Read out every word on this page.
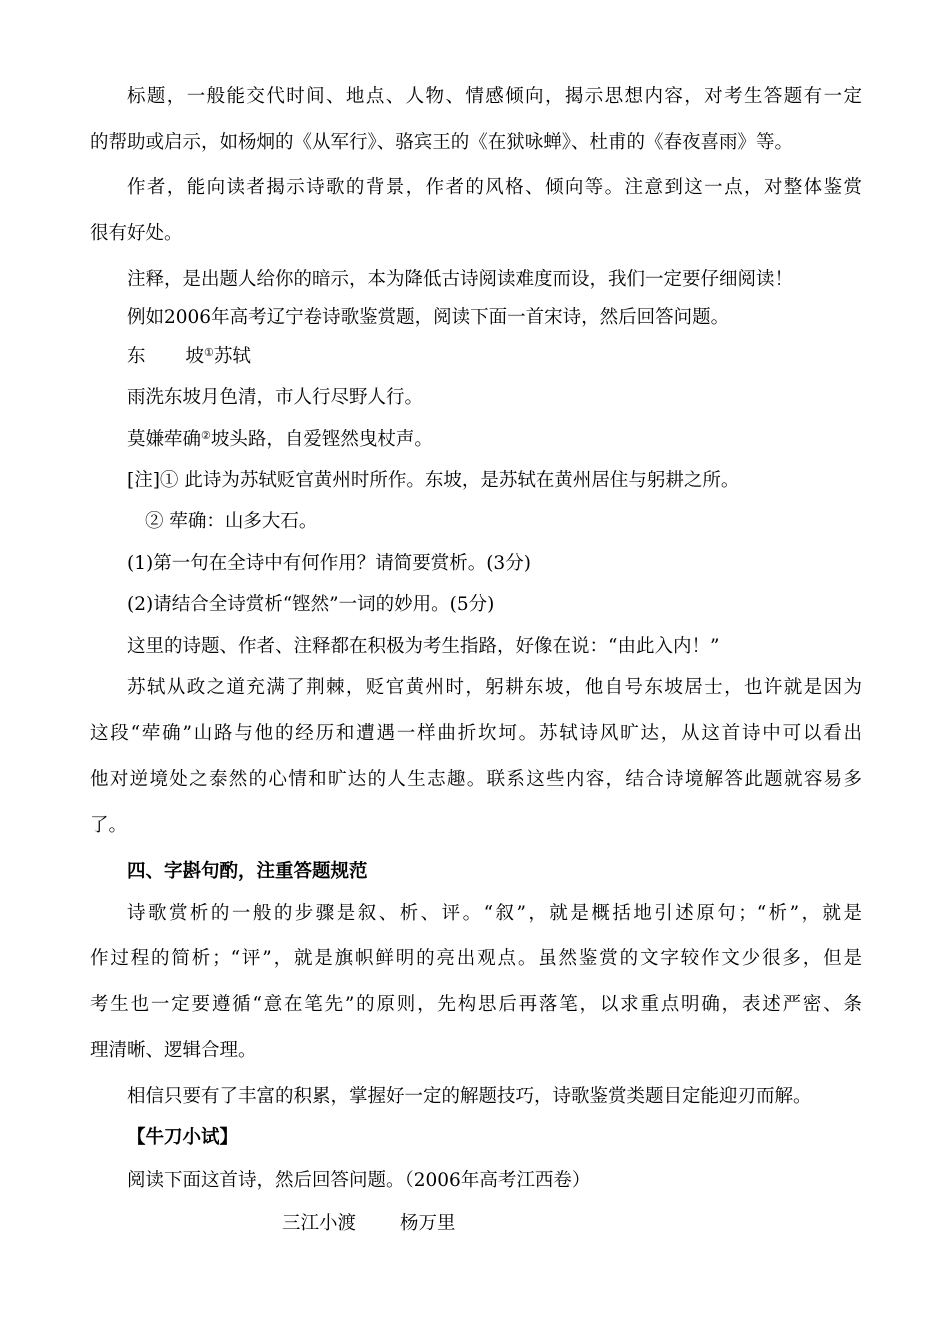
标题，一般能交代时间、地点、人物、情感倾向，揭示思想内容，对考生答题有一定
的帮助或启示，如杨炯的《从军行》、骆宾王的《在狱咏蝉》、杜甫的《春夜喜雨》等。
作者，能向读者揭示诗歌的背景，作者的风格、倾向等。注意到这一点，对整体鉴赏
很有好处。
注释，是出题人给你的暗示，本为降低古诗阅读难度而设，我们一定要仔细阅读！
例如2006年高考辽宁卷诗歌鉴赏题，阅读下面一首宋诗，然后回答问题。
东 坡①苏轼
雨洗东坡月色清，市人行尽野人行。
莫嫌荦确②坡头路，自爱铿然曳杖声。
[注]① 此诗为苏轼贬官黄州时所作。东坡，是苏轼在黄州居住与躬耕之所。
② 荦确：山多大石。
(1)第一句在全诗中有何作用？请简要赏析。(3分)
(2)请结合全诗赏析“铿然”一词的妙用。(5分)
这里的诗题、作者、注释都在积极为考生指路，好像在说：“由此入内！”
苏轼从政之道充满了荆棘，贬官黄州时，躬耕东坡，他自号东坡居士，也许就是因为
这段“荦确”山路与他的经历和遭遇一样曲折坎坷。苏轼诗风旷达，从这首诗中可以看出
他对逆境处之泰然的心情和旷达的人生志趣。联系这些内容，结合诗境解答此题就容易多
了。
四、字斟句酌，注重答题规范
诗歌赏析的一般的步骤是叙、析、评。“叙”，就是概括地引述原句；“析”，就是
作过程的简析；“评”，就是旗帜鲜明的亮出观点。虽然鉴赏的文字较作文少很多，但是
考生也一定要遵循“意在笔先”的原则，先构思后再落笔，以求重点明确，表述严密、条
理清晰、逻辑合理。
相信只要有了丰富的积累，掌握好一定的解题技巧，诗歌鉴赏类题目定能迎刃而解。
【牛刀小试】
阅读下面这首诗，然后回答问题。（2006年高考江西卷）
三江小渡 杨万里
